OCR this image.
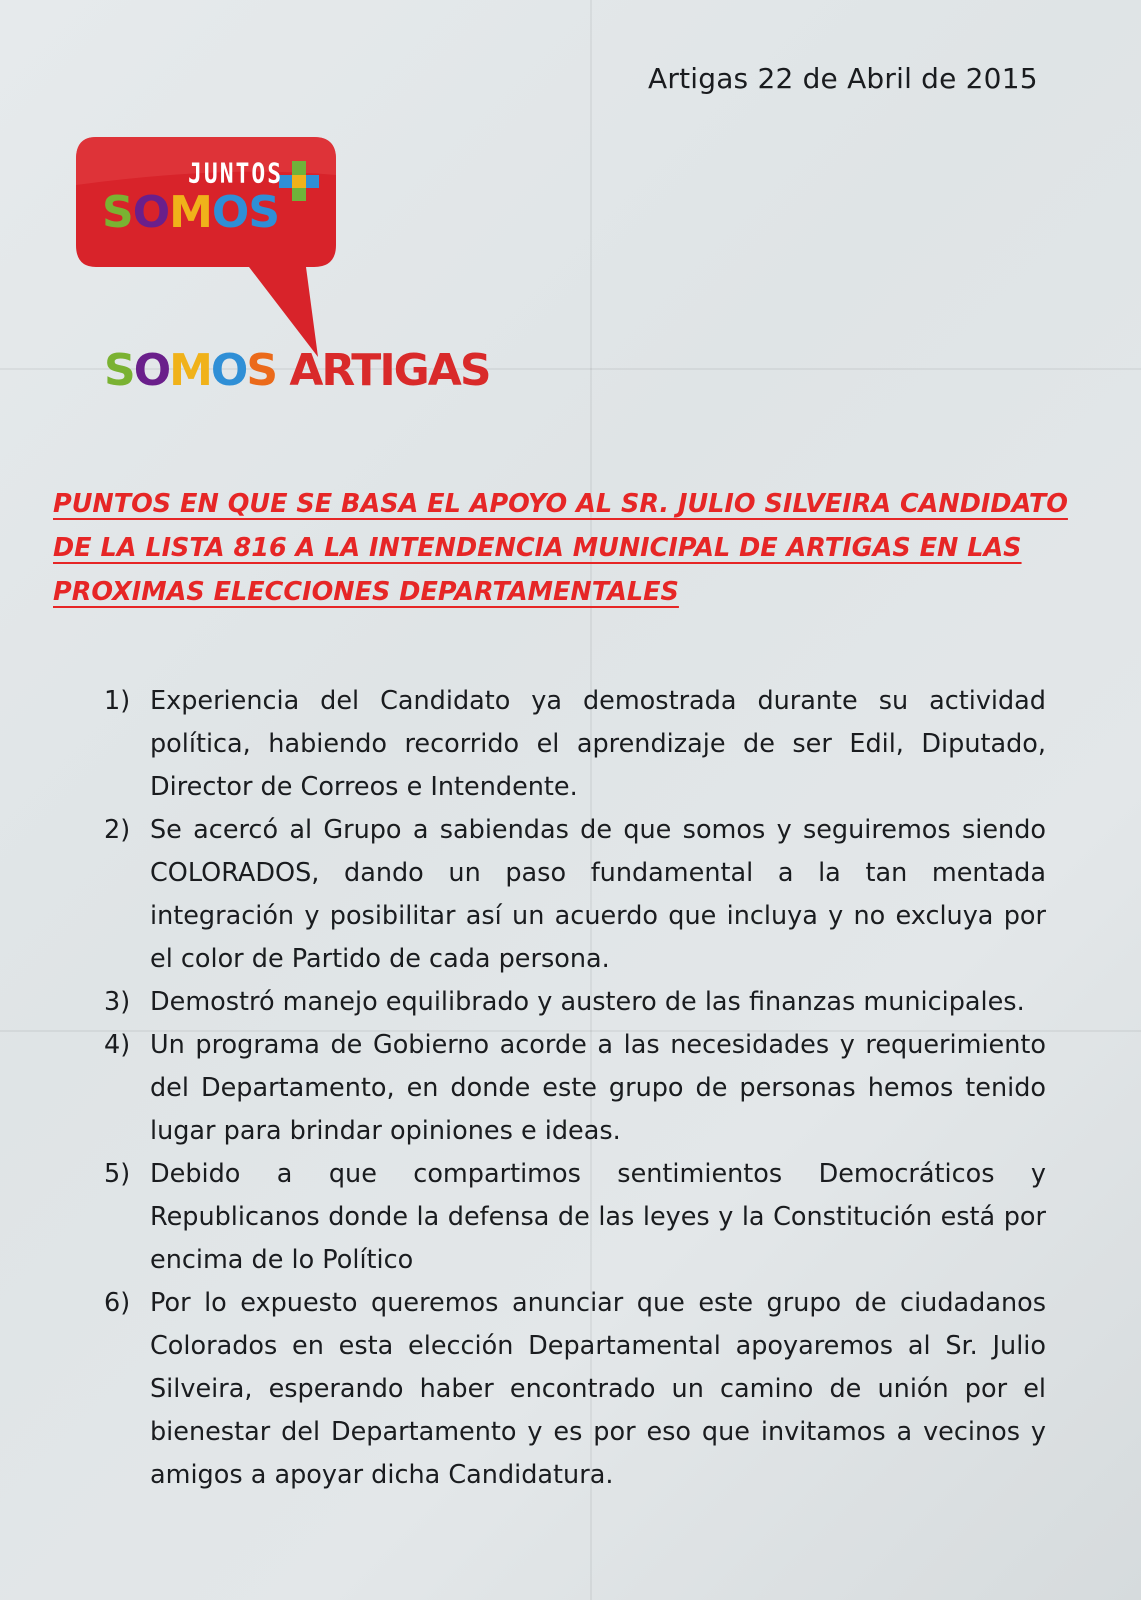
Artigas 22 de Abril de 2015
JUNTOS
SOMOS
SOMOS ARTIGAS
PUNTOS EN QUE SE BASA EL APOYO AL SR. JULIO SILVEIRA CANDIDATO
DE LA LISTA 816 A LA INTENDENCIA MUNICIPAL DE ARTIGAS EN LAS
PROXIMAS ELECCIONES DEPARTAMENTALES
1) Experiencia del Candidato ya demostrada durante su actividad política, habiendo recorrido el aprendizaje de ser Edil, Diputado, Director de Correos e Intendente.
2) Se acercó al Grupo a sabiendas de que somos y seguiremos siendo COLORADOS, dando un paso fundamental a la tan mentada integración y posibilitar así un acuerdo que incluya y no excluya por el color de Partido de cada persona.
3) Demostró manejo equilibrado y austero de las finanzas municipales.
4) Un programa de Gobierno acorde a las necesidades y requerimiento del Departamento, en donde este grupo de personas hemos tenido lugar para brindar opiniones e ideas.
5) Debido a que compartimos sentimientos Democráticos y Republicanos donde la defensa de las leyes y la Constitución está por encima de lo Político
6) Por lo expuesto queremos anunciar que este grupo de ciudadanos Colorados en esta elección Departamental apoyaremos al Sr. Julio Silveira, esperando haber encontrado un camino de unión por el bienestar del Departamento y es por eso que invitamos a vecinos y amigos a apoyar dicha Candidatura.
